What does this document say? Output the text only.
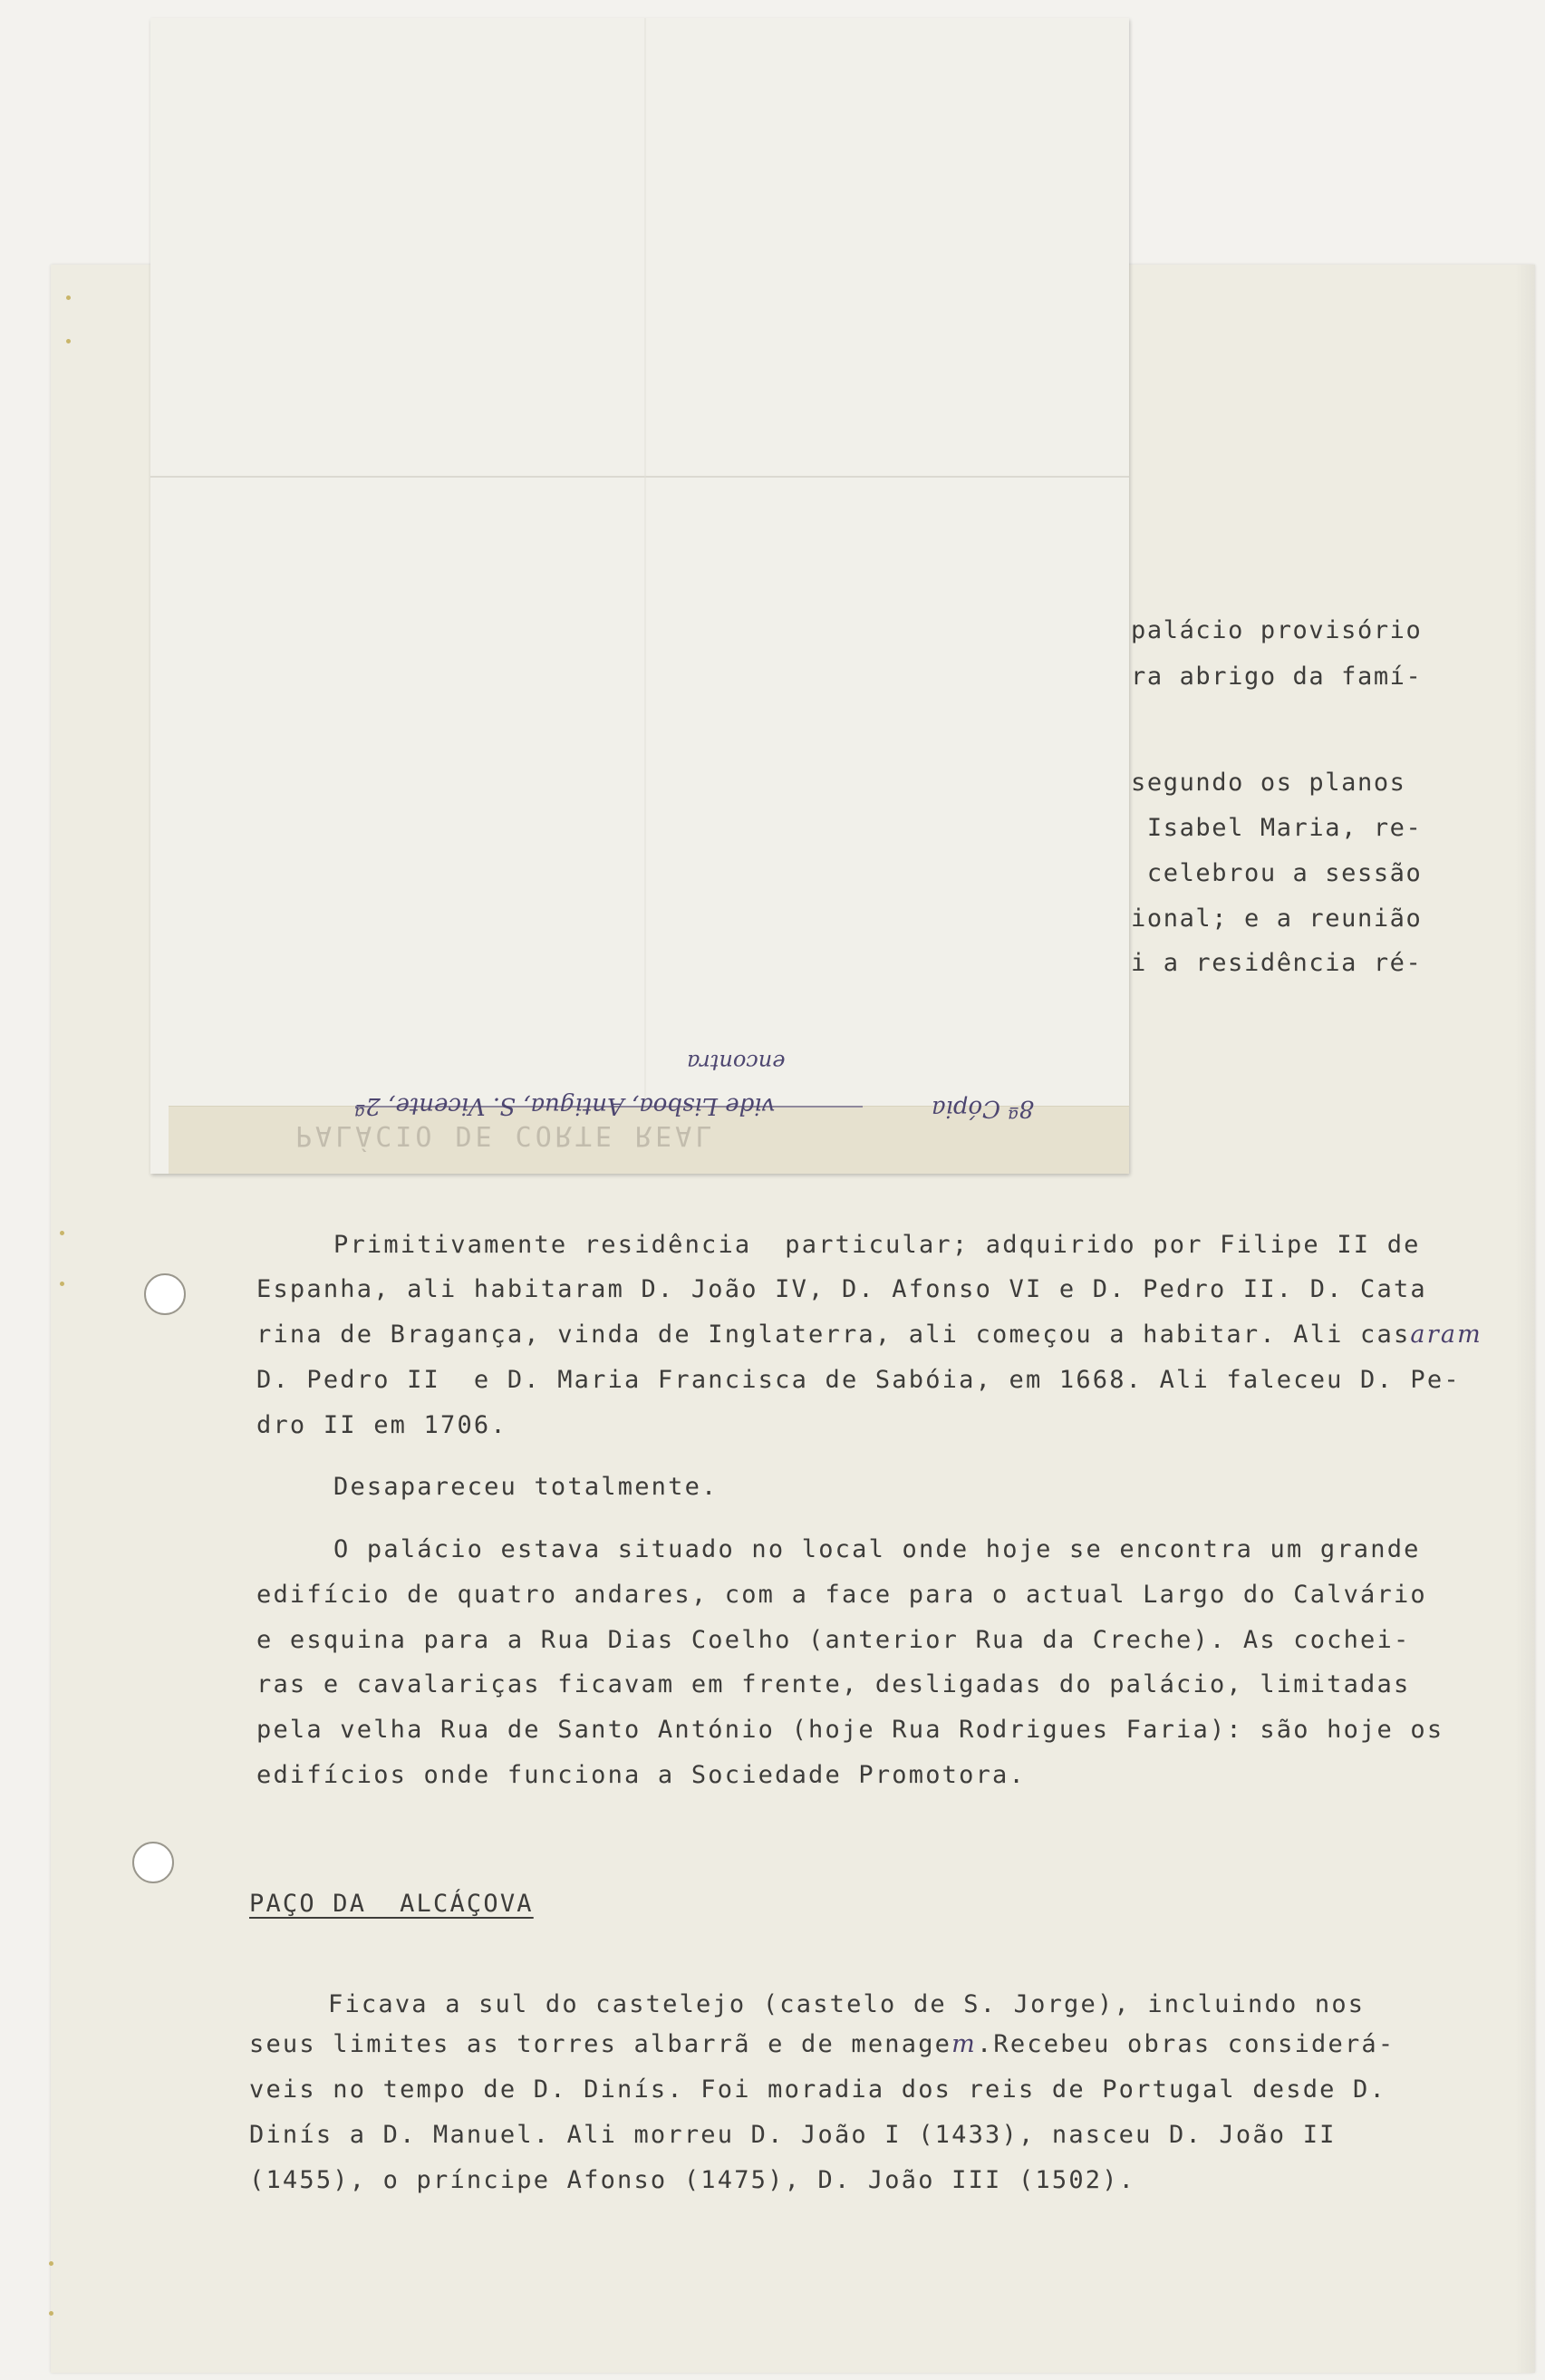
palácio provisório
ra abrigo da famí-
segundo os planos
Isabel Maria, re-
celebrou a sessão
ional; e a reunião
i a residência ré-
PALÁCIO DE CORTE REAL
vide Lisboa, Antigua, S. Vicente, 2ª
encontra
8ª Cópia
Primitivamente residência  particular; adquirido por Filipe II de
Espanha, ali habitaram D. João IV, D. Afonso VI e D. Pedro II. D. Cata
rina de Bragança, vinda de Inglaterra, ali começou a habitar. Ali casaram
D. Pedro II  e D. Maria Francisca de Sabóia, em 1668. Ali faleceu D. Pe-
dro II em 1706.
Desapareceu totalmente.
O palácio estava situado no local onde hoje se encontra um grande
edifício de quatro andares, com a face para o actual Largo do Calvário
e esquina para a Rua Dias Coelho (anterior Rua da Creche). As cochei-
ras e cavalariças ficavam em frente, desligadas do palácio, limitadas
pela velha Rua de Santo António (hoje Rua Rodrigues Faria): são hoje os
edifícios onde funciona a Sociedade Promotora.
PAÇO DA  ALCÁÇOVA
Ficava a sul do castelejo (castelo de S. Jorge), incluindo nos
seus limites as torres albarrã e de menagem.Recebeu obras considerá-
veis no tempo de D. Dinís. Foi moradia dos reis de Portugal desde D.
Dinís a D. Manuel. Ali morreu D. João I (1433), nasceu D. João II
(1455), o príncipe Afonso (1475), D. João III (1502).
